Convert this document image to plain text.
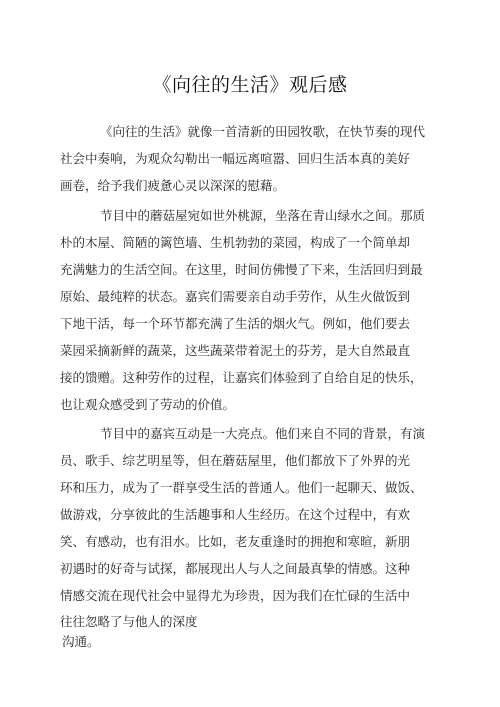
《向往的生活》观后感

《向往的生活》就像一首清新的田园牧歌，在快节奏的现代

社会中奏响，为观众勾勒出一幅远离喧嚣、回归生活本真的美好

画卷，给予我们疲惫心灵以深深的慰藉。

节目中的蘑菇屋宛如世外桃源，坐落在青山绿水之间。那质

朴的木屋、简陋的篱笆墙、生机勃勃的菜园，构成了一个简单却

充满魅力的生活空间。在这里，时间仿佛慢了下来，生活回归到最

原始、最纯粹的状态。嘉宾们需要亲自动手劳作，从生火做饭到

下地干活，每一个环节都充满了生活的烟火气。例如，他们要去

菜园采摘新鲜的蔬菜，这些蔬菜带着泥土的芬芳，是大自然最直

接的馈赠。这种劳作的过程，让嘉宾们体验到了自给自足的快乐，

也让观众感受到了劳动的价值。

节目中的嘉宾互动是一大亮点。他们来自不同的背景，有演

员、歌手、综艺明星等，但在蘑菇屋里，他们都放下了外界的光

环和压力，成为了一群享受生活的普通人。他们一起聊天、做饭、

做游戏，分享彼此的生活趣事和人生经历。在这个过程中，有欢

笑、有感动，也有泪水。比如，老友重逢时的拥抱和寒暄，新朋

初遇时的好奇与试探，都展现出人与人之间最真挚的情感。这种

情感交流在现代社会中显得尤为珍贵，因为我们在忙碌的生活中

往往忽略了与他人的深度

沟通。
